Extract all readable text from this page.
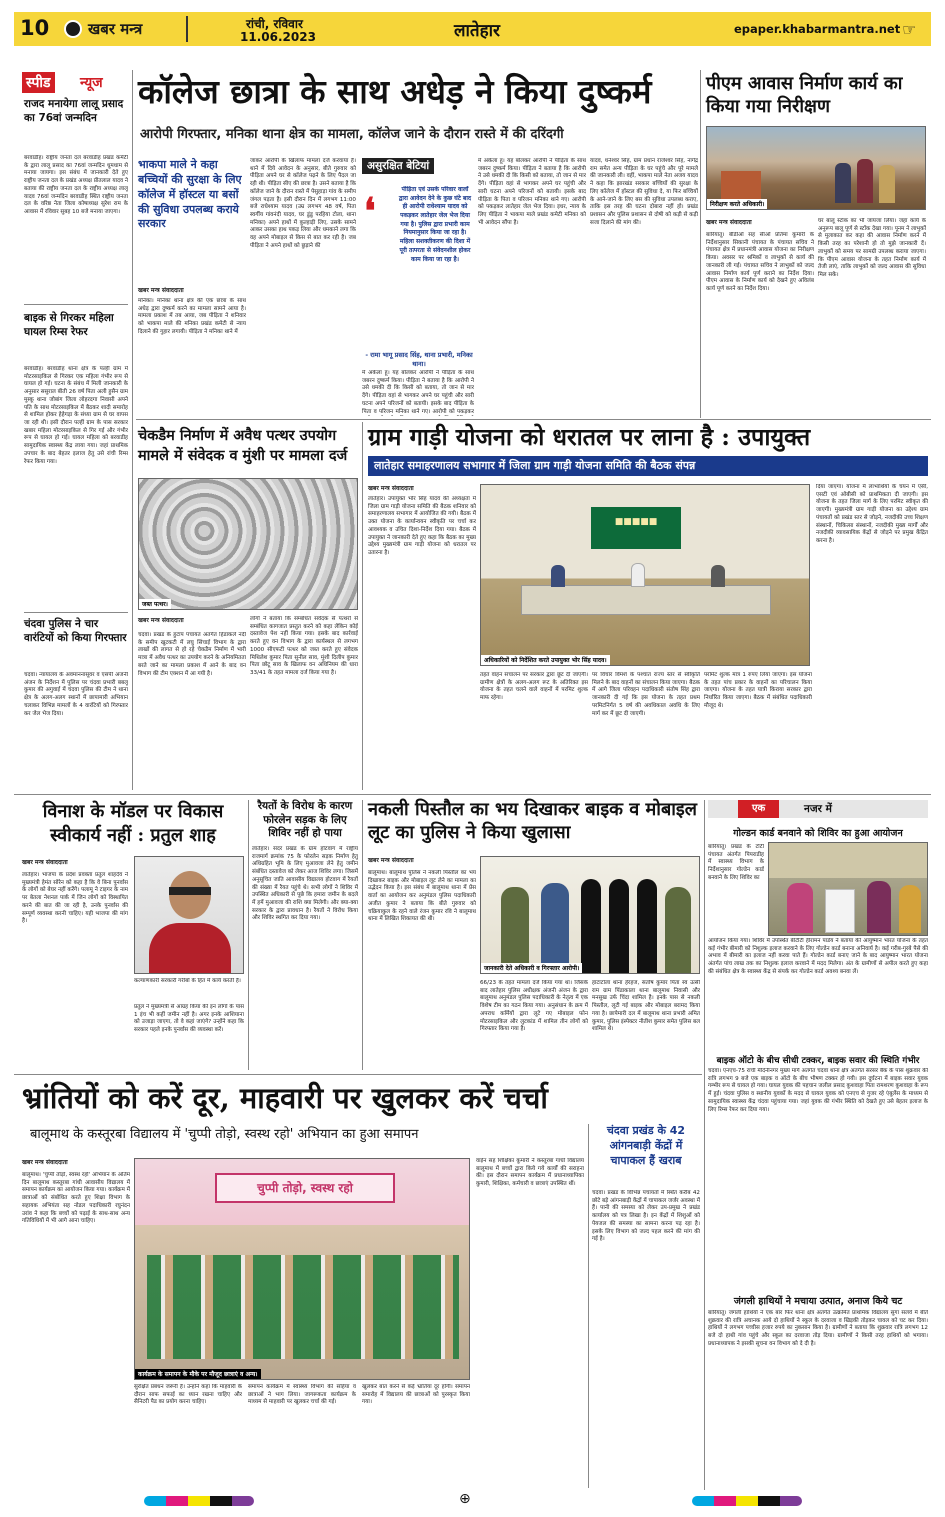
10	खबर मन्त्र	रांची, रविवार
11.06.2023	लातेहार	epaper.khabarmantra.net ☞
स्पीड न्यूज
राजद मनायेगा लालू प्रसाद का 76वां जन्मदिन
बरवाडीह। राष्ट्रीय जनता दल बरवाडीह प्रखंड कमेटी के द्वारा लालू प्रसाद का 76वां जन्मदिन धूमधाम से मनाया जायगा। इस संबंध में जानकारी देते हुए राष्ट्रीय जनता दल के प्रखंड अध्यक्ष प्रीतलाल यादव ने बताया की राष्ट्रीय जनता दल के राष्ट्रीय अध्यक्ष लालू यादव 76वां जन्मदिन बरवाडीह स्थित राष्ट्रीय जनता दल के वरिष्ठ नेता जिला कोषाध्यक्ष सुरेश राम के आवास में रविवार सुबह 10 बजे मनाया जाएगा।
बाइक से गिरकर महिला घायल रिम्स रेफर
बरवाडीह। बरवाडीह थाना क्षेत्र के पल्हीं ग्राम में मोटरसाइकिल से गिरकर एक महिला गंभीर रूप से घायल हो गई। घटना के संबंध में मिली जानकारी के अनुसार ससुराल बीती 26 वर्ष पिता अली हुसैन ग्राम मुस्कू थाना जोबांग जिला लोहरदगा निवासी अपने पति के साथ मोटरसाइकिल में बैठकर शादी समारोह से शामिल होकर हेहेगड़ा के संध्या ग्राम से घर वापस जा रही थी। इसी दौरान पल्हीं ग्राम के पास सरकार खबार महिला मोटरसाइकिल से गिर गई और गंभीर रूप से घायल हो गई। घायल महिला को बरवाडीह सामुदायिक स्वास्थ्य केंद्र लाया गया। जहां प्राथमिक उपचार के बाद बेहतर इलाज हेतु उसे रांची रिम्स रेफर किया गया।
चंदवा पुलिस ने चार वारंटियों को किया गिरफ्तार
चंदवा। न्यायालय के अवमाननासूवर व एसपी अंजनी अंजन के निर्देशन में पुलिस पर चंदवा प्रभारी बबलू कुमार की अगुवाई में चंदवा पुलिस की टीम ने थाना क्षेत्र के अलग-अलग स्थानों में छापामारी अभियान चलाकर विभिन्न मामलों के 4 वारंटियों को गिरफ्तार कर जेल भेज दिया।
कॉलेज छात्रा के साथ अधेड़ ने किया दुष्कर्म
आरोपी गिरफ्तार, मनिका थाना क्षेत्र का मामला, कॉलेज जाने के दौरान रास्ते में की दरिंदगी
भाकपा माले ने कहा बच्चियों की सुरक्षा के लिए कॉलेज में हॉस्टल या बसों की सुविधा उपलब्ध कराये सरकार
खबर मन्त्र संवाददाता
मनिका। मनिका थाना क्षेत्र की एक छात्रा के साथ अधेड़ द्वारा दुष्कर्म करने का मामला सामने आया है। मामला प्रकाश में तब आया, जब पीड़िता ने शनिवार को भाकपा माले की मनिका प्रखंड कमेटी से न्याय दिलाने की गुहार लगायी। पीड़िता ने मनिका थाने में
जाकर आरोपी के खिलाफ मामला दर्ज करवाया है। थाने में दिये आवेदन के अनुसार, बीते गुरुवार को पीड़िता अपने घर से कॉलेज पढ़ने के लिए पैदल जा रही थी। पीड़िता सीए की छात्रा है। उसने बताया है कि कॉलेज जाने के दौरान रास्ते में पेसुहाड़ा गांव के समीप जंगल पड़ता है। इसी दौरान दिन में लगभग 11:00 बजे राधेश्याम यादव (उम्र लगभग 48 वर्ष, पिता स्वर्गीय गांवनंदी यादव, घर डुंडू परहिया टोला, थाना मनिका) अपने हाथों में कुल्हाड़ी लिए, उसके सामने आकर उसका हाथ पकड़ लिया और धमकाने लगा कि वह अपने मोबाइल से किस से बात कर रही है। जब पीड़िता ने अपने हाथों को छुड़ाने की
असुरक्षित बेटियां
❛
पीड़िता एवं उसके परिवार वालों द्वारा आवेदन देने के कुछ घंटे बाद ही आरोपी राधेश्याम यादव को पकड़कर लातेहार जेल भेज दिया गया है। पुलिस द्वारा प्रभारी काम नियमानुसार किया जा रहा है। महिला सशक्तीकरण की दिशा में पूरी तत्परता से संवेदनशील होकर काम किया जा रहा है।
- रामा भागू प्रसाद सिंह, थाना प्रभारी, मनिका थाना।
में अकेला हूं। यह बोलकर आरोपी ने पीड़िता के साथ जबरन दुष्कर्म किया। पीड़िता ने बताया है कि आरोपी ने उसे धमकी दी कि किसी को बताया, तो जान से मार देंगे। पीड़िता वहां से भागकर अपने घर पहुंची और सारी घटना अपने परिजनों को बतायी। इसके बाद पीड़िता के पिता व परिजन मनिका थाने गए। आरोपी को पकड़कर
में अकेला हूं। यह बोलकर आरोपी ने पीड़िता के साथ जबरन दुष्कर्म किया। पीड़िता ने बताया है कि आरोपी ने उसे धमकी दी कि किसी को बताया, तो जान से मार देंगे। पीड़िता वहां से भागकर अपने घर पहुंची और सारी घटना अपने परिजनों को बतायी। इसके बाद पीड़िता के पिता व परिजन मनिका थाने गए। आरोपी को पकड़कर लातेहार जेल भेज दिया। इधर, न्याय के लिए पीड़िता ने भाकपा माले प्रखंड कमेटी मनिका को भी आवेदन सौंपा है।
यादव, धनेश्वर सिंह, ग्राम प्रधान राजेश्वर सिंह, नागेंद्र राम समेत अन्य पीड़िता के घर पहुंचे और पूरे मामले की जानकारी ली। वहीं, भाकपा माले नेता अजय यादव ने कहा कि झारखंड सरकार बच्चियों की सुरक्षा के लिए कॉलेज में हॉस्टल की सुविधा दे, या फिर बच्चियों के आने-जाने के लिए बस की सुविधा उपलब्ध कराए, ताकि इस तरह की घटना दोबारा नहीं हो। प्रखंड प्रशासन और पुलिस प्रशासन से दोषी को कड़ी से कड़ी सजा दिलाने की मांग की।
पीएम आवास निर्माण कार्य का किया गया निरीक्षण
निरीक्षण करते अधिकारी।
खबर मन्त्र संवाददाता
बारियातू। बीडीओ सह सीओ प्रतिमा कुमारी के निर्देशानुसार सिकानी पंचायत के पंचायत सचिव ने पंचायत क्षेत्र में प्रधानमंत्री आवास योजना का निरीक्षण किया। अवसर पर श्रमिकों व लाभुकों से कार्य की जानकारी ली गई। पंचायत सचिव ने लाभुकों को जल्द आवास निर्माण कार्य पूर्ण कराने का निर्देश दिया। पीएम आवास के निर्माण कार्य को देखने हुए अविलंब कार्य पूर्ण करने का निर्देश दिया।
घर बालू स्टॉक का भी जायजा लिया। जहां कार्य के अनुरूप बालू पूर्ण से स्टॉक देखा गया। पूनम ने लाभुकों से मुलाकात कर कहा की आवास निर्माण करने में किसी तरह का परेशानी हो तो मुझे जानकारी दें। लाभुकों को समय पर सामग्री उपलब्ध कराया जाएगा। कि पीएम आवास योजना के तहत निर्माण कार्य में तेजी लाएं, ताकि लाभुकों को जल्द आवास की सुविधा मिल सके।
चेकडैम निर्माण में अवैध पत्थर उपयोग मामले में संवेदक व मुंशी पर मामला दर्ज
जब्त पत्थर।
खबर मन्त्र संवाददाता
चंदवा। प्रखंड के हुटाप पंचायत अंतर्गत हिंडाकले नदी के समीप खुटकटी में लघु सिंचाई विभाग के द्वारा लाखों की लागत से हो रहे चेकडैम निर्माण में भारी मात्रा में अवैध पत्थर का उपयोग करने के अनियमितता बरते जाने का मामला प्रकाश में आने के बाद वन विभाग की टीम एक्शन में आ गयी है।
लोगो ने बताया कि सम्बंधित संवेदक से पत्थरों से सम्बंधित कागजात प्रस्तुत करने को कहा लेकिन कोई दस्तावेज पेश नहीं किया गया। इसके बाद कार्रवाई करते हुए वन विभाग के द्वारा कार्यस्थल से लगभग 1000 सीएफटी पत्थर को जब्त करते हुए संवेदक मिथिलेश कुमार पिता सुनील साव, मुंशी दिलीप कुमार पिता छोटू साव के खिलाफ वन अधिनियम की धारा 33/41 के तहत मामला दर्ज किया गया है।
ग्राम गाड़ी योजना को धरातल पर लाना है : उपायुक्त
लातेहार समाहरणालय सभागार में जिला ग्राम गाड़ी योजना समिति की बैठक संपन्न
खबर मन्त्र संवाददाता
लातेहार। उपायुक्त भोर सिंह यादव की अध्यक्षता में जिला ग्राम गाड़ी योजना समिति की बैठक शनिवार को समाहरणालय सभागार में आयोजित की गयी। बैठक में उक्त योजना के कार्यान्वयन स्वीकृति पर चर्चा कर आवश्यक व उचित दिशा-निर्देश दिया गया। बैठक में उपायुक्त ने जानकारी देते हुए कहा कि बैठक का मुख्य उद्देश्य मुख्यमंत्री ग्राम गाड़ी योजना को धरातल पर उतारना है।
■■■■■
अधिकारियों को निर्देशित करते उपायुक्त भोर सिंह यादव।
दिया जाएगा। योजना में लाभार्थियों के चयन में एसी, एसटी एवं ओबीसी को प्राथमिकता दी जाएगी। इस योजना के तहत जिला मार्ग के लिए परमिट स्वीकृत की जाएगी। मुख्यमंत्री ग्राम गाड़ी योजना का उद्देश्य ग्राम पंचायतों को प्रखंड स्तर से जोड़ने, नजदीकी उच्च शिक्षण संस्थानों, चिकित्सा संस्थानों, नजदीकी मुख्य मार्गों और नजदीकी व्यावसायिक केंद्रों से जोड़ने पर प्रमुख केंद्रित करना है।
तहत वाहन संचालन पर सरकार द्वारा छूट दी जाएगी। ग्रामीण क्षेत्रों के अलग-अलग रूट के अतिरिक्त इस योजना के तहत चलने वाले वाहनों में परमिट शुल्क माफ रहेगा।
पर विचार विमर्श के पश्चात राज्य स्तर से स्वीकृति मिलने के बाद वाहनों का संचालन किया जाएगा। बैठक में आगे जिला परिवहन पदाधिकारी संतोष सिंह द्वारा जानकारी दी गई कि इस योजना के तहत प्रथम परमिटनिर्गत 5 वर्ष की अवधिकाल अवधि के लिए मार्ग कर में छूट दी जाएगी।
परमिट शुल्क मात्र 1 रुपए लिया जाएगा। इस योजना के तहत पांच प्रकार के वाहनों का परिचालन किया जाएगा। योजना के तहत यात्री किराया सरकार द्वारा निर्धारित किया जाएगा। बैठक में संबंधित पदाधिकारी मौजूद थे।
विनाश के मॉडल पर विकास स्वीकार्य नहीं : प्रतुल शाह
खबर मन्त्र संवाददाता
लातेहार। भाजपा के प्रदेश प्रवक्ता प्रतुल शाहदेव ने मुख्यमंत्री हेमंत सोरेन को कहा है कि वे बिना पुनर्वास के लोगों को बेघर नहीं करेंगे। पलामू ने टाइगर के नाम पर बेतला नेशनल पार्क में जिन लोगों को विस्थापित करने की बात की जा रही है, उनके पुनर्वास की सम्पूर्ण व्यवस्था करनी चाहिए। यही भाजपा की मांग है।
कल्याणकारी सरकारी गरीबों के हित में कार्य करती है।
प्रतुल ने मुख्यमंत्री से आग्रह किया की इन लोगों के पास 1 इंच भी कहीं जमीन नहीं है। अगर इनके आशियाना को उजाड़ा जाएगा, तो वे कहां जाएंगे? उन्होंने कहा कि सरकार पहले इनके पुनर्वास की व्यवस्था करें।
रैयतों के विरोध के कारण फोरलेन सड़क के लिए शिविर नहीं हो पाया
लातेहार। सदर प्रखंड के ग्राम होटवाग में राष्ट्रीय राजमार्ग क्रमांक 75 के फोरलेन सड़क निर्माण हेतु अधिग्रहित भूमि के लिए मुआवजा लेने हेतु जमीन संबंधित दस्तावेज को लेकर आज शिविर लगा। जिसमें अनुसूचित जाति आवासीय विद्यालय होटवाग में रैयतों की संख्या में रैयत पहुंचे थे। सभी लोगों ने शिविर में उपस्थित अधिकारी से पूछे कि हमारा जमीन के बदले में हमें मुआवजा की राशि क्या मिलेगी। और क्या-क्या सरकार के द्वारा प्रावधान है। रैयतों ने विरोध किया और शिविर स्थगित कर दिया गया।
नकली पिस्तौल का भय दिखाकर बाइक व मोबाइल लूट का पुलिस ने किया खुलासा
खबर मन्त्र संवाददाता
बालूमाथ। बालूमाथ पुलिस ने नकली पिस्तौल का भय दिखाकर बाइक और मोबाइल लूट लेने का मामला का उद्भेदन किया है। इस संबंध में बालूमाथ थाना में प्रेस वार्ता का आयोजन कर अनुमंडल पुलिस पदाधिकारी अजीत कुमार ने बताया कि बीते गुरुवार को चक्रियाकुल के रहने वाले रंजन कुमार रवि ने बालूमाथ थाना में लिखित शिकायत की थी।
जानकारी देते अधिकारी व गिरफ्तार आरोपी।
66/23 के तहत मामला दर्ज किया गया था। जिसके बाद लातेहार पुलिस अधीक्षक अंजनी अंजन के द्वारा बालूमाथ अनुमंडल पुलिस पदाधिकारी के नेतृत्व में एक विशेष टीम का गठन किया गया। अनुसंधान के क्रम में अपराध कर्मियों द्वारा लूटे गए मोबाइल फोन मोटरसाइकिल और लुटकांड में शामिल तीन लोगों को गिरफ्तार किया गया है।
हाटाटोला थाना हेरहंज, सतोष कुमार पिता स्व उत्सी राम ग्राम पिंडाकाला थाना बालूमाथ निवासी और मनसुख उर्फ चिंदा शामिल है। इनके पास से नकली पिस्तौल, लूटी गई बाइक और मोबाइल बरामद किया गया है। छापेमारी दल में बालूमाथ थाना प्रभारी अमित कुमार, पुलिस इंस्पेक्टर नीतीश कुमार समेत पुलिस बल शामिल थे।
एक	नजर में
गोल्डन कार्ड बनवाने को शिविर का हुआ आयोजन
बारियातू। प्रखंड के टोटी पंचायत अंतर्गत पिपराडीह में स्वास्थ्य विभाग के निर्देशानुसार गोल्डेन कार्ड बनवाने के लिए शिविर का
आयोजन किया गया। शिविर में उपस्थित बीटीटी हीरामन पांडेय ने बताया की आयुष्मान भारत योजना के तहत कई गंभीर बीमारी को निशुल्क इलाज करवाने के लिए गोल्डेन कार्ड बनाना अनिवार्य है। कई गरीब-गुरबे पैसे की अभाव में बीमारी का इलाज नहीं करवा पाते हैं। गोल्डेन कार्ड बनाए जाने के बाद आयुष्मान भारत योजना अंतर्गत पांच लाख तक का निशुल्क इलाज करवाने में मदद मिलेगा। अंत के ग्रामीणों से अपील करते हुए कहा की संबंधित क्षेत्र के स्वास्थ्य केंद्र से संपर्क कर गोल्डेन कार्ड अवश्य बनवा लें।
बाइक ऑटो के बीच सीधी टक्कर, बाइक सवार की स्थिति गंभीर
चंदवा। एनएच-75 रांची मेदिनीनगर मुख्य मार्ग अंतर्गत चंदवा थाना क्षेत्र अंतर्गत सरसर बैंक के पास शुक्रवार की रात्रि लगभग 9 बजे एक बाइक व ऑटो के बीच भीषण टक्कर हो गयी। इस दुर्घटना में बाइक सवार युवक गम्भीर रूप से घायल हो गया। घायल युवक की पहचान जलील प्रसाद कुशवाहा पिता रामशरण कुशवाहा के रूप में हुई। चंदवा पुलिस व स्थानीय युवकों के मदद से घायल युवक को एनएच से गुजर रहे एंबुलेंस के माध्यम से सामुदायिक स्वास्थ्य केंद्र चंदवा पहुंचाया गया। जहां युवक की गंभीर स्थिति को देखते हुए उसे बेहतर इलाज के लिए रिम्स रेफर कर दिया गया।
जंगली हाथियों ने मचाया उत्पात, अनाज किये चट
बारियातू। जंगली हाथियों ने एक बार फिर थाना क्षेत्र अंतर्गत उत्क्रमित प्राथमिक विद्यालय सुगा सलवे में बीते शुक्रवार की रात्रि अचानक आये दो हाथियों ने स्कूल के दरवाजा व खिड़की तोड़कर चावल को चट कर दिया। हाथियों ने लगभग पच्चीस हजार रुपये का नुकसान किया है। ग्रामीणों ने बताया कि शुक्रवार रात्रि लगभग 12 बजे दो हाथी गांव पहुंचे और स्कूल का दरवाजा तोड़ दिया। ग्रामीणों ने किसी तरह हाथियों को भगाया। प्रधानाध्यापक ने इसकी सूचना वन विभाग को दे दी है।
भ्रांतियों को करें दूर, माहवारी पर खुलकर करें चर्चा
बालूमाथ के कस्तूरबा विद्यालय में 'चुप्पी तोड़ो, स्वस्थ रहो' अभियान का हुआ समापन
खबर मन्त्र संवाददाता
बालूमाथ। 'चुप्पी तोड़ो, स्वस्थ रहो' अभियान के अंतिम दिन बालूमाथ कस्तूरबा गांधी आवासीय विद्यालय में समापन कार्यक्रम का आयोजन किया गया। कार्यक्रम में छात्राओं को संबोधित करते हुए शिक्षा विभाग के सहायक अभियंता सह नोडल पदाधिकारी रघुनंदन उरांव ने कहा कि बच्चों को पढ़ाई के साथ-साथ अन्य गतिविधियों में भी आगे आना चाहिए।
चुप्पी तोड़ो, स्वस्थ रहो
कार्यक्रम के समापन के मौके पर मौजूद छात्राएं व अन्य।
सुरक्षित प्रबंधन जरूरी है। उन्होंने कहा कि माहवारी के दौरान साफ सफाई का ध्यान रखना चाहिए और सैनिटरी पैड का प्रयोग करना चाहिए।
समापन कार्यक्रम में स्वास्थ्य विभाग की सहिया व छात्राओं ने भाग लिया। जागरूकता कार्यक्रम के माध्यम से माहवारी पर खुलकर चर्चा की गई।
खुलकर बात करने से कई भ्रांतियां दूर होंगी। समापन समारोह में विद्यालय की छात्राओं को पुरस्कृत किया गया।
वाईन सह शिक्षिका कुमारी ने कस्तूरबा गांधी विद्यालय बालूमाथ में बच्चों द्वारा किये गये कार्यों की सराहना की। इस दौरान समापन कार्यक्रम में प्रधानाध्यापिका कुमारी, शिक्षिका, कर्मचारी व छात्राएं उपस्थित थीं।
चंदवा प्रखंड के 42 आंगनबाड़ी केंद्रों में चापाकल हैं खराब
चंदवा। प्रखंड के विभिन्न पंचायतों में स्थित करीब 42 छोटे बड़े आंगनबाड़ी केंद्रों में चापाकल जर्जर अवस्था में हैं। पानी की समस्या को लेकर उप-प्रमुख ने प्रखंड कार्यालय को पत्र लिखा है। इन केंद्रों में शिशुओं को पेयजल की समस्या का सामना करना पड़ रहा है। इसके लिए विभाग को जल्द पहल करने की मांग की गई है।
⊕
